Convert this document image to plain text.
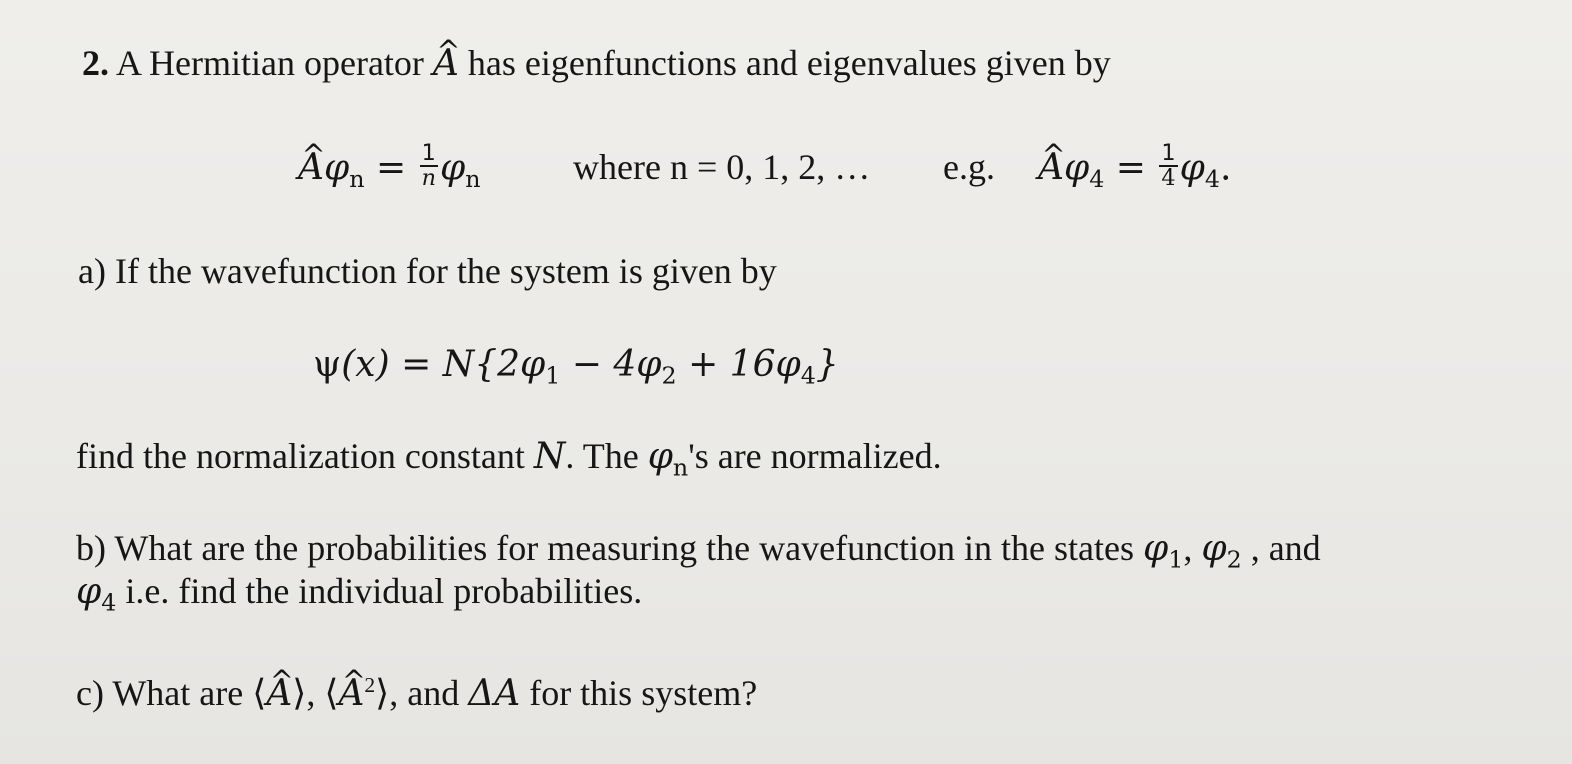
2. A Hermitian operator ^ A has eigenfunctions and eigenvalues given by
^ $A\varphi_n = \frac{1}{n} \varphi_n$	where n = 0, 1, 2, … e.g. ^ $A\varphi_4 = \frac{1}{4} \varphi_4$.
a) If the wavefunction for the system is given by
$\psi(x) = N\{2\varphi_1 - 4\varphi_2 + 16\varphi_4\}$
find the normalization constant N. The $\varphi_n's$ are normalized.
b) What are the probabilities for measuring the wavefunction in the states $\varphi_1$, $\varphi_2$ , and
$\varphi_4$ i.e. find the individual probabilities.
c) What are ⟨^ A⟩, ⟨^ $A^2⟩$, and ΔA for this system?
